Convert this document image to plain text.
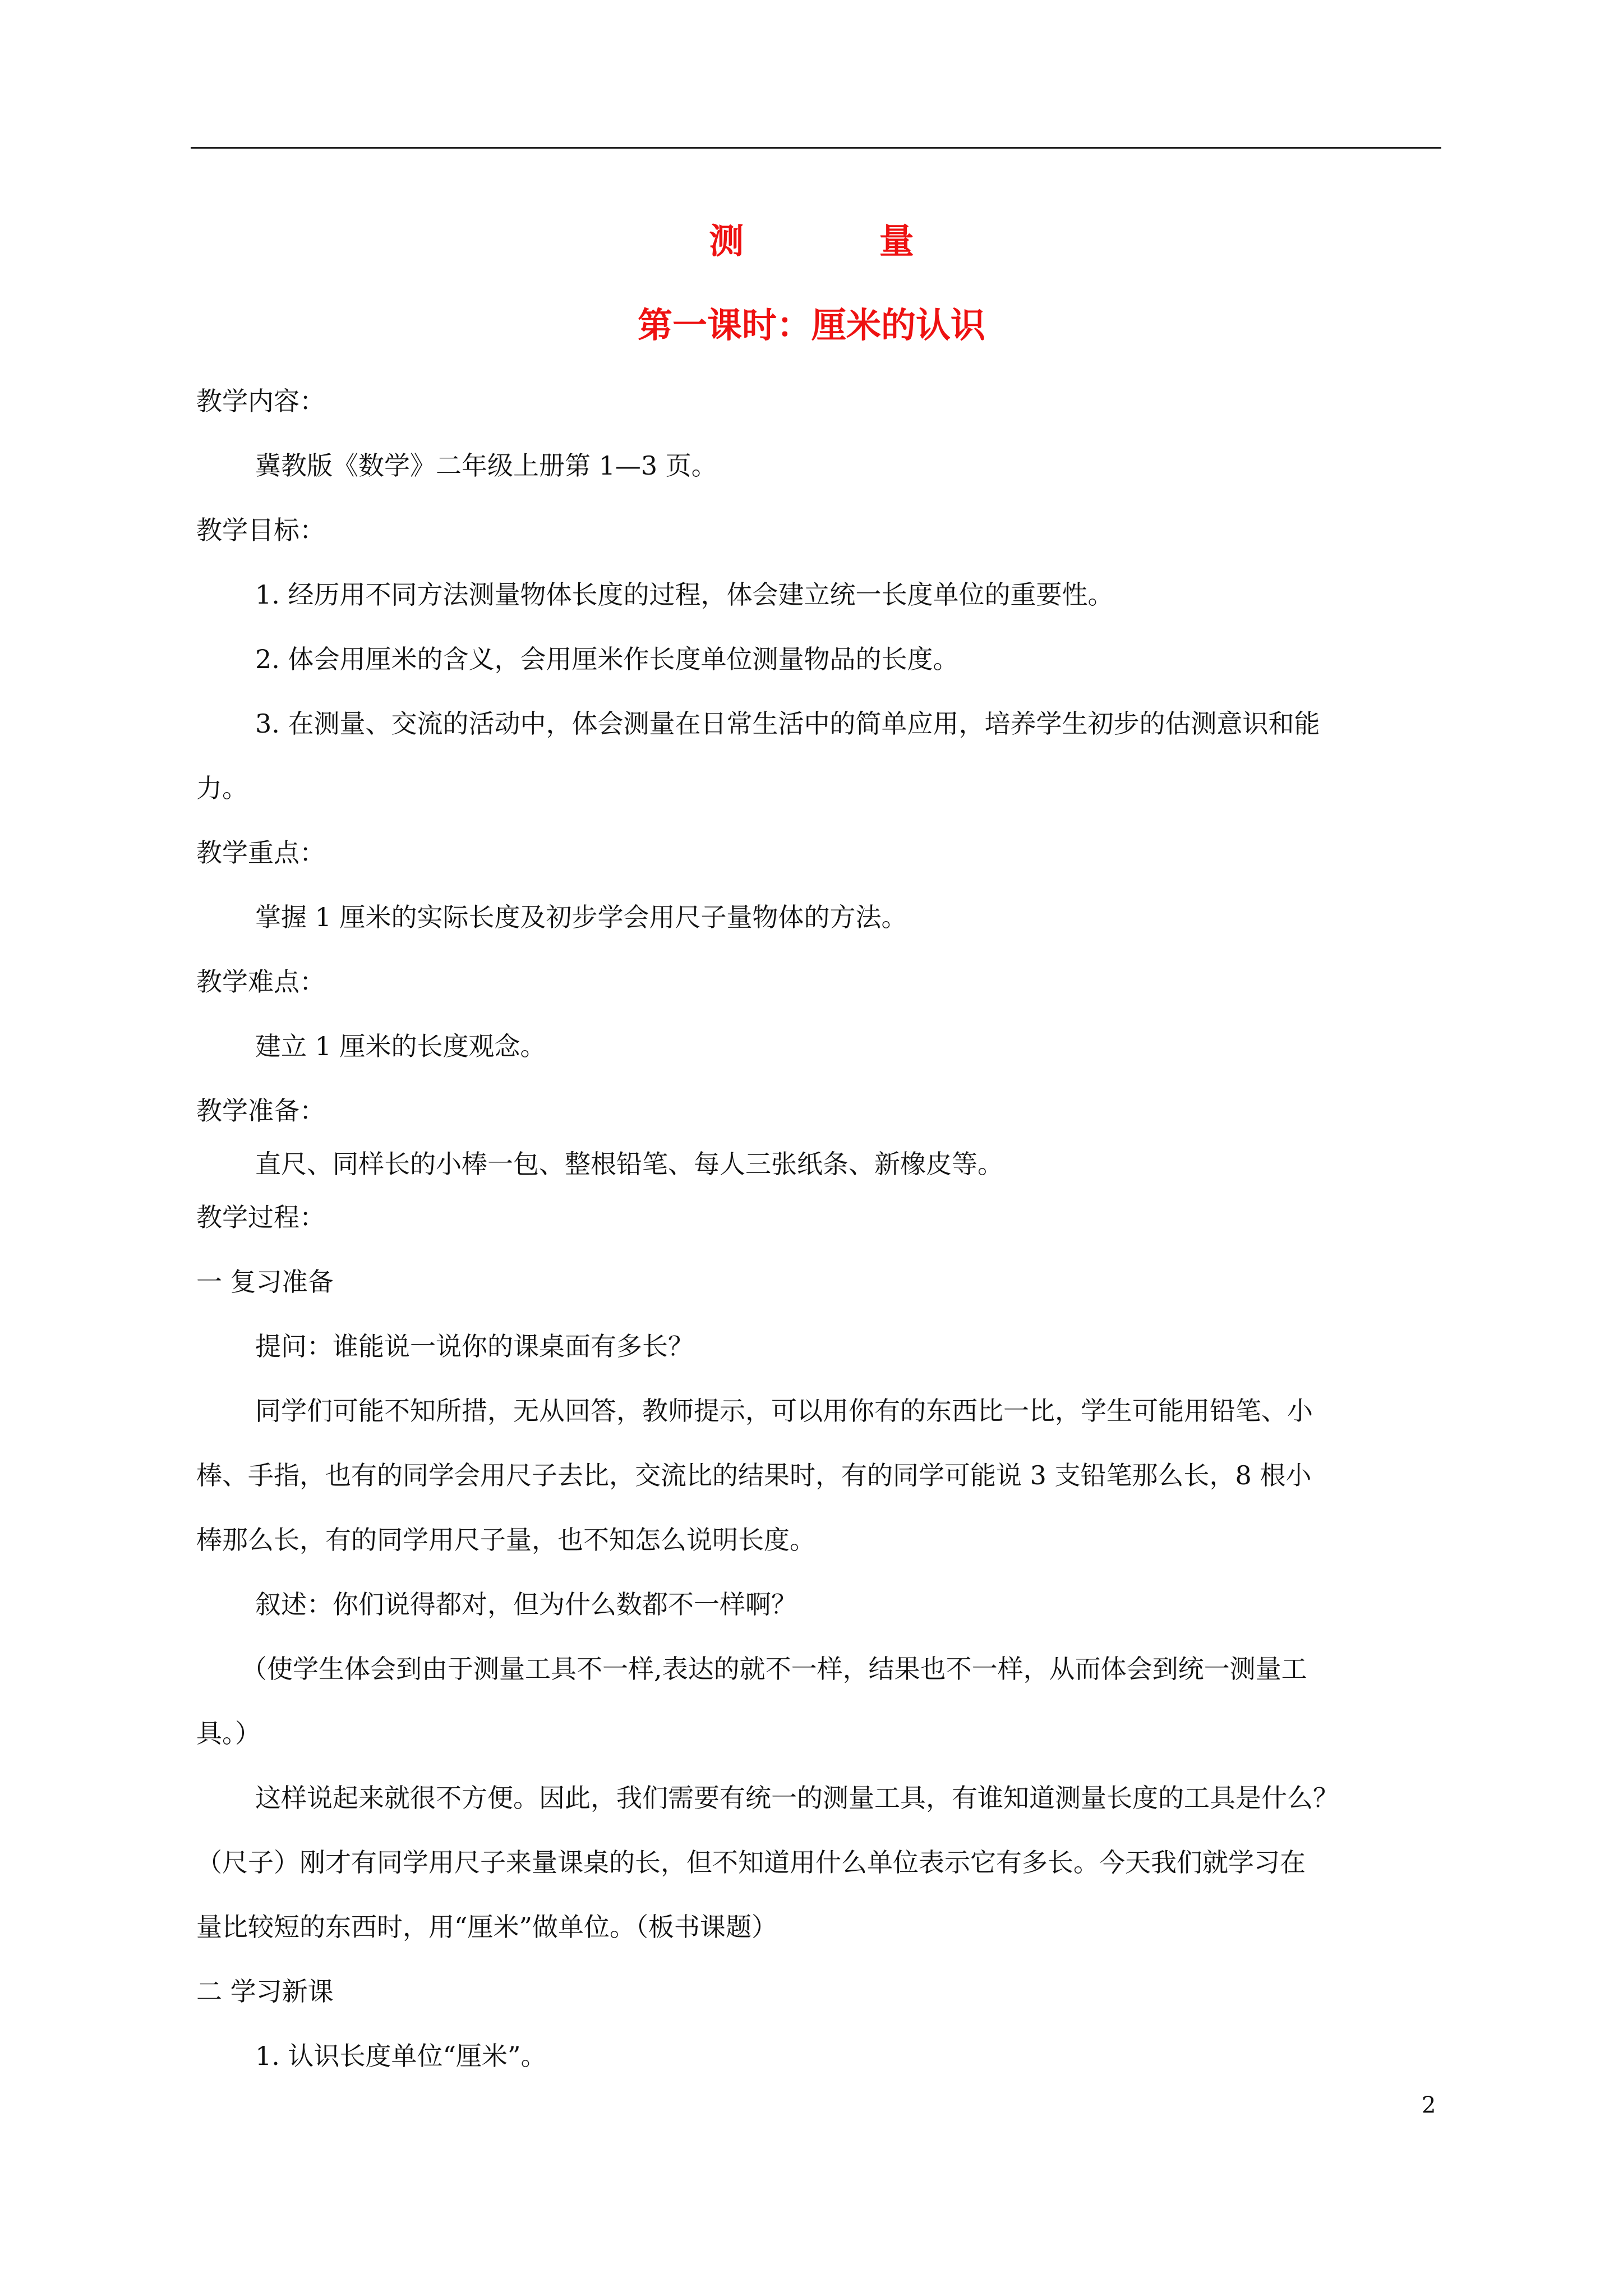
测 量
第一课时：厘米的认识
教学内容：
冀教版《数学》二年级上册第 1—3 页。
教学目标：
1. 经历用不同方法测量物体长度的过程，体会建立统一长度单位的重要性。
2. 体会用厘米的含义，会用厘米作长度单位测量物品的长度。
3. 在测量、交流的活动中，体会测量在日常生活中的简单应用，培养学生初步的估测意识和能
力。
教学重点：
掌握 1 厘米的实际长度及初步学会用尺子量物体的方法。
教学难点：
建立 1 厘米的长度观念。
教学准备：
直尺、同样长的小棒一包、整根铅笔、每人三张纸条、新橡皮等。
教学过程：
一 复习准备
提问：谁能说一说你的课桌面有多长？
同学们可能不知所措，无从回答，教师提示，可以用你有的东西比一比，学生可能用铅笔、小
棒、手指，也有的同学会用尺子去比，交流比的结果时，有的同学可能说 3 支铅笔那么长，8 根小
棒那么长，有的同学用尺子量，也不知怎么说明长度。
叙述：你们说得都对，但为什么数都不一样啊？
（使学生体会到由于测量工具不一样,表达的就不一样，结果也不一样，从而体会到统一测量工
具。）
这样说起来就很不方便。因此，我们需要有统一的测量工具，有谁知道测量长度的工具是什么？
（尺子）刚才有同学用尺子来量课桌的长，但不知道用什么单位表示它有多长。今天我们就学习在
量比较短的东西时，用“厘米”做单位。（板书课题）
二 学习新课
1. 认识长度单位“厘米”。
2
